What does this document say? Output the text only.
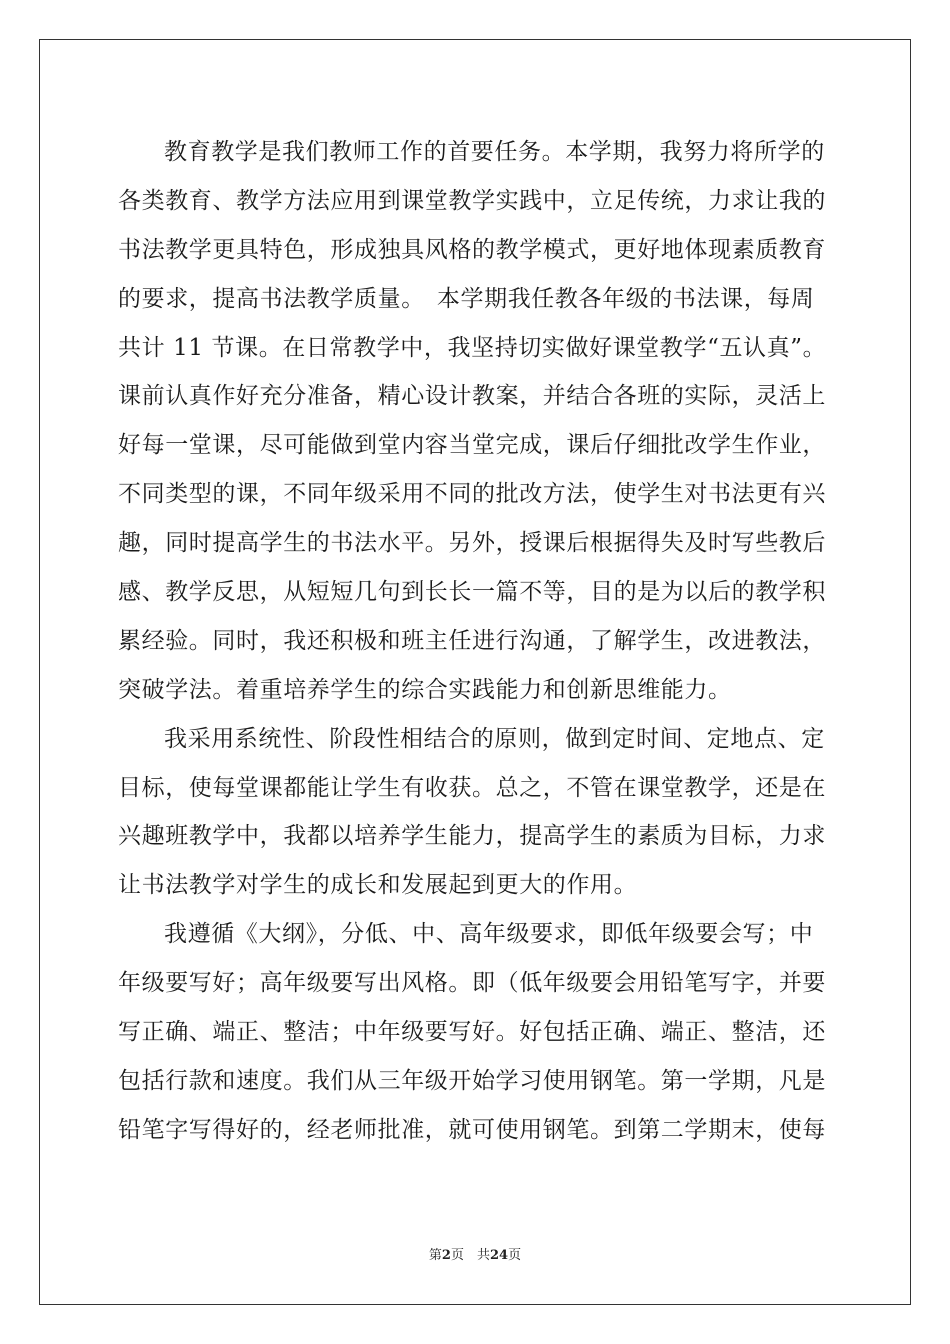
教育教学是我们教师工作的首要任务。本学期，我努力将所学的
各类教育、教学方法应用到课堂教学实践中，立足传统，力求让我的
书法教学更具特色，形成独具风格的教学模式，更好地体现素质教育
的要求，提高书法教学质量。　本学期我任教各年级的书法课，每周
共计 11 节课。在日常教学中，我坚持切实做好课堂教学“五认真”。
课前认真作好充分准备，精心设计教案，并结合各班的实际，灵活上
好每一堂课，尽可能做到堂内容当堂完成，课后仔细批改学生作业，
不同类型的课，不同年级采用不同的批改方法，使学生对书法更有兴
趣，同时提高学生的书法水平。另外，授课后根据得失及时写些教后
感、教学反思，从短短几句到长长一篇不等，目的是为以后的教学积
累经验。同时，我还积极和班主任进行沟通，了解学生，改进教法，
突破学法。着重培养学生的综合实践能力和创新思维能力。
我采用系统性、阶段性相结合的原则，做到定时间、定地点、定
目标，使每堂课都能让学生有收获。总之，不管在课堂教学，还是在
兴趣班教学中，我都以培养学生能力，提高学生的素质为目标，力求
让书法教学对学生的成长和发展起到更大的作用。
我遵循《大纲》，分低、中、高年级要求，即低年级要会写；中
年级要写好；高年级要写出风格。即（低年级要会用铅笔写字，并要
写正确、端正、整洁；中年级要写好。好包括正确、端正、整洁，还
包括行款和速度。我们从三年级开始学习使用钢笔。第一学期，凡是
铅笔字写得好的，经老师批准，就可使用钢笔。到第二学期末，使每
第2页　共24页
